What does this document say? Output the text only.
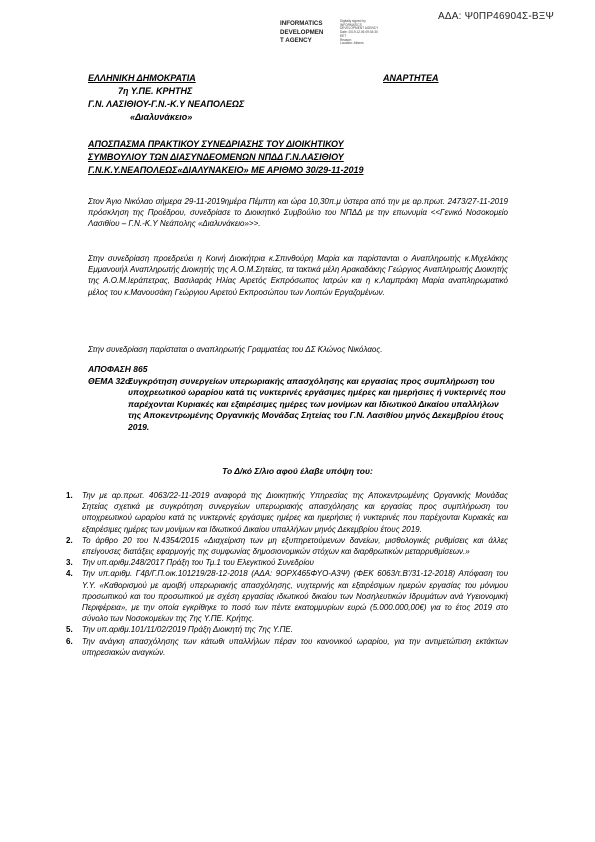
ΑΔΑ: Ψ0ΠΡ46904Σ-ΒΞΨ
INFORMATICS
DEVELOPMEN
T AGENCY
Digitally signed by
INFORMATICS
DEVELOPMENT AGENCY
Date: 2019.12.06 09:34:30
EET
Reason:
Location: Athens
ΕΛΛΗΝΙΚΗ ΔΗΜΟΚΡΑΤΙΑ	ΑΝΑΡΤΗΤΕΑ
7η Υ.ΠΕ. ΚΡΗΤΗΣ
Γ.Ν. ΛΑΣΙΘΙΟΥ-Γ.Ν.-Κ.Υ ΝΕΑΠΟΛΕΩΣ
«Διαλυνάκειο»
ΑΠΟΣΠΑΣΜΑ ΠΡΑΚΤΙΚΟΥ ΣΥΝΕΔΡΙΑΣΗΣ ΤΟΥ ΔΙΟΙΚΗΤΙΚΟΥ
ΣΥΜΒΟΥΛΙΟΥ ΤΩΝ ΔΙΑΣΥΝΔΕΟΜΕΝΩΝ ΝΠΔΔ Γ.Ν.ΛΑΣΙΘΙΟΥ
Γ.Ν.Κ.Υ.ΝΕΑΠΟΛΕΩΣ«ΔΙΑΛΥΝΑΚΕΙΟ» ΜΕ ΑΡΙΘΜΟ 30/29-11-2019
Στον Άγιο Νικόλαο σήμερα 29-11-2019ημέρα Πέμπτη και ώρα 10,30π.μ ύστερα από την με αρ.πρωτ. 2473/27-11-2019 πρόσκληση της Προέδρου, συνεδρίασε το Διοικητικό Συμβούλιο του ΝΠΔΔ με την επωνυμία <<Γενικό Νοσοκομείο Λασιθίου – Γ.Ν.-Κ.Υ Νεάπολης «Διαλυνάκειο»>>.
Στην συνεδρίαση προεδρεύει η Κοινή Διοικήτρια κ.Σπινθούρη Μαρία και παρίστανται ο Αναπληρωτής κ.Μιχελάκης Εμμανουήλ Αναπληρωτής Διοικητής της Α.Ο.Μ.Σητείας, τα τακτικά μέλη Αρακαδάκης Γεώργιος Αναπληρωτής Διοικητής της Α.Ο.Μ.Ιεράπετρας, Βασιλαράς Ηλίας Αιρετός Εκπρόσωπος Ιατρών και η κ.Λαμπράκη Μαρία αναπληρωματικό μέλος του κ.Μανουσάκη Γεώργιου Αιρετού Εκπροσώπου των Λοιπών Εργαζομένων.
Στην συνεδρίαση παρίσταται ο αναπληρωτής Γραμματέας του ΔΣ Κλώνος Νικόλαος.
ΑΠΟΦΑΣΗ 865
ΘΕΜΑ 32ο:
Συγκρότηση συνεργείων υπερωριακής απασχόλησης και εργασίας προς συμπλήρωση του υποχρεωτικού ωραρίου κατά τις νυκτερινές εργάσιμες ημέρες και ημερήσιες ή νυκτερινές που παρέχονται Κυριακές και εξαιρέσιμες ημέρες των μονίμων και Ιδιωτικού Δικαίου υπαλλήλων της Αποκεντρωμένης Οργανικής Μονάδας Σητείας του Γ.Ν. Λασιθίου μηνός Δεκεμβρίου έτους 2019.
Το Δ/κό Σ/λιο αφού έλαβε υπόψη του:
1. Την με αρ.πρωτ. 4063/22-11-2019 αναφορά της Διοικητικής Υπηρεσίας της Αποκεντρωμένης Οργανικής Μονάδας Σητείας σχετικά με συγκρότηση συνεργείων υπερωριακής απασχόλησης και εργασίας προς συμπλήρωση του υποχρεωτικού ωραρίου κατά τις νυκτερινές εργάσιμες ημέρες και ημερήσιες ή νυκτερινές που παρέχονται Κυριακές και εξαιρέσιμες ημέρες των μονίμων και Ιδιωτικού Δικαίου υπαλλήλων μηνός Δεκεμβρίου έτους 2019.
2. Το άρθρο 20 του Ν.4354/2015 «Διαχείριση των μη εξυπηρετούμενων δανείων, μισθολογικές ρυθμίσεις και άλλες επείγουσες διατάξεις εφαρμογής της συμφωνίας δημοσιονομικών στόχων και διαρθρωτικών μεταρρυθμίσεων.»
3. Την υπ.αριθμ.248/2017 Πράξη του Τμ.1 του Ελεγκτικού Συνεδρίου
4. Την υπ.αριθμ. Γ4β/Γ.Π.οικ.101219/28-12-2018 (ΑΔΑ: 9ΟΡΧ465ΦΥΟ-Α3Ψ) (ΦΕΚ 6063/τ.Β'/31-12-2018) Απόφαση του Υ.Υ. «Καθορισμού με αμοιβή υπερωριακής απασχόλησης, νυχτερινής και εξαιρέσιμων ημερών εργασίας του μόνιμου προσωπικού και του προσωπικού με σχέση εργασίας ιδιωτικού δικαίου των Νοσηλευτικών Ιδρυμάτων ανά Υγειονομική Περιφέρεια», με την οποία εγκρίθηκε το ποσό των πέντε εκατομμυρίων ευρώ (5.000.000,00€) για το έτος 2019 στο σύνολο των Νοσοκομείων της 7ης Υ.ΠΕ. Κρήτης.
5. Την υπ.αριθμ.101/11/02/2019 Πράξη Διοικητή της 7ης Υ.ΠΕ.
6. Την ανάγκη απασχόλησης των κάτωθι υπαλλήλων πέραν του κανονικού ωραρίου, για την αντιμετώπιση εκτάκτων υπηρεσιακών αναγκών.
